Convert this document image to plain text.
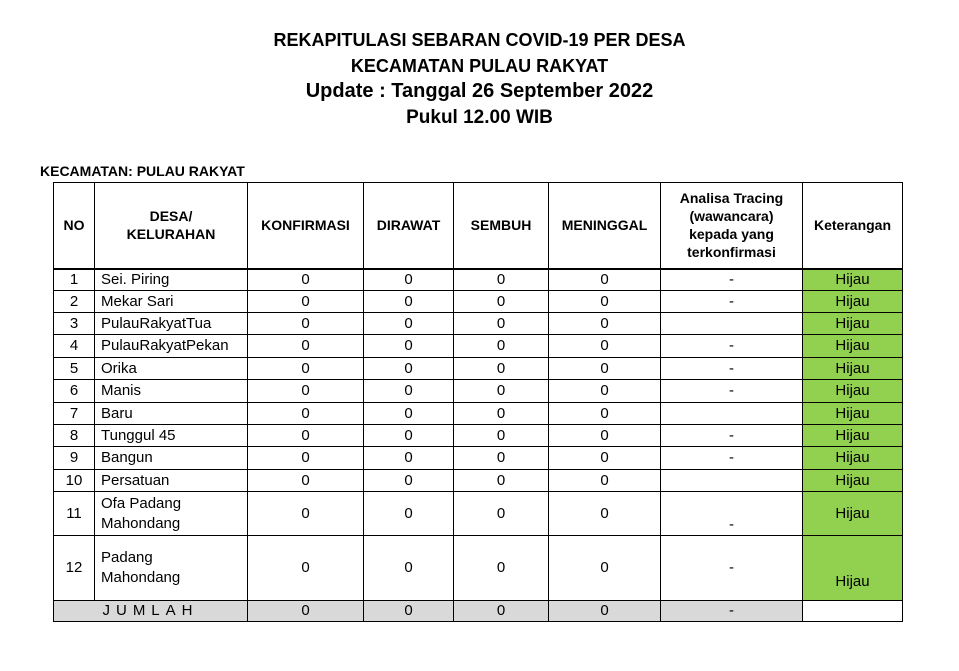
REKAPITULASI SEBARAN COVID-19 PER DESA
KECAMATAN PULAU RAKYAT
Update : Tanggal 26 September 2022
Pukul 12.00 WIB
KECAMATAN: PULAU RAKYAT
NO	DESA/
KELURAHAN	KONFIRMASI	DIRAWAT	SEMBUH	MENINGGAL	Analisa Tracing
(wawancara)
kepada yang
terkonfirmasi	Keterangan
1	Sei. Piring	0	0	0	0	-	Hijau
2	Mekar Sari	0	0	0	0	-	Hijau
3	PulauRakyatTua	0	0	0	0		Hijau
4	PulauRakyatPekan	0	0	0	0	-	Hijau
5	Orika	0	0	0	0	-	Hijau
6	Manis	0	0	0	0	-	Hijau
7	Baru	0	0	0	0		Hijau
8	Tunggul 45	0	0	0	0	-	Hijau
9	Bangun	0	0	0	0	-	Hijau
10	Persatuan	0	0	0	0		Hijau
11	Ofa Padang
Mahondang	0	0	0	0	-	Hijau
12	Padang
Mahondang	0	0	0	0	-	Hijau
JUMLAH		0	0	0	0	-	
